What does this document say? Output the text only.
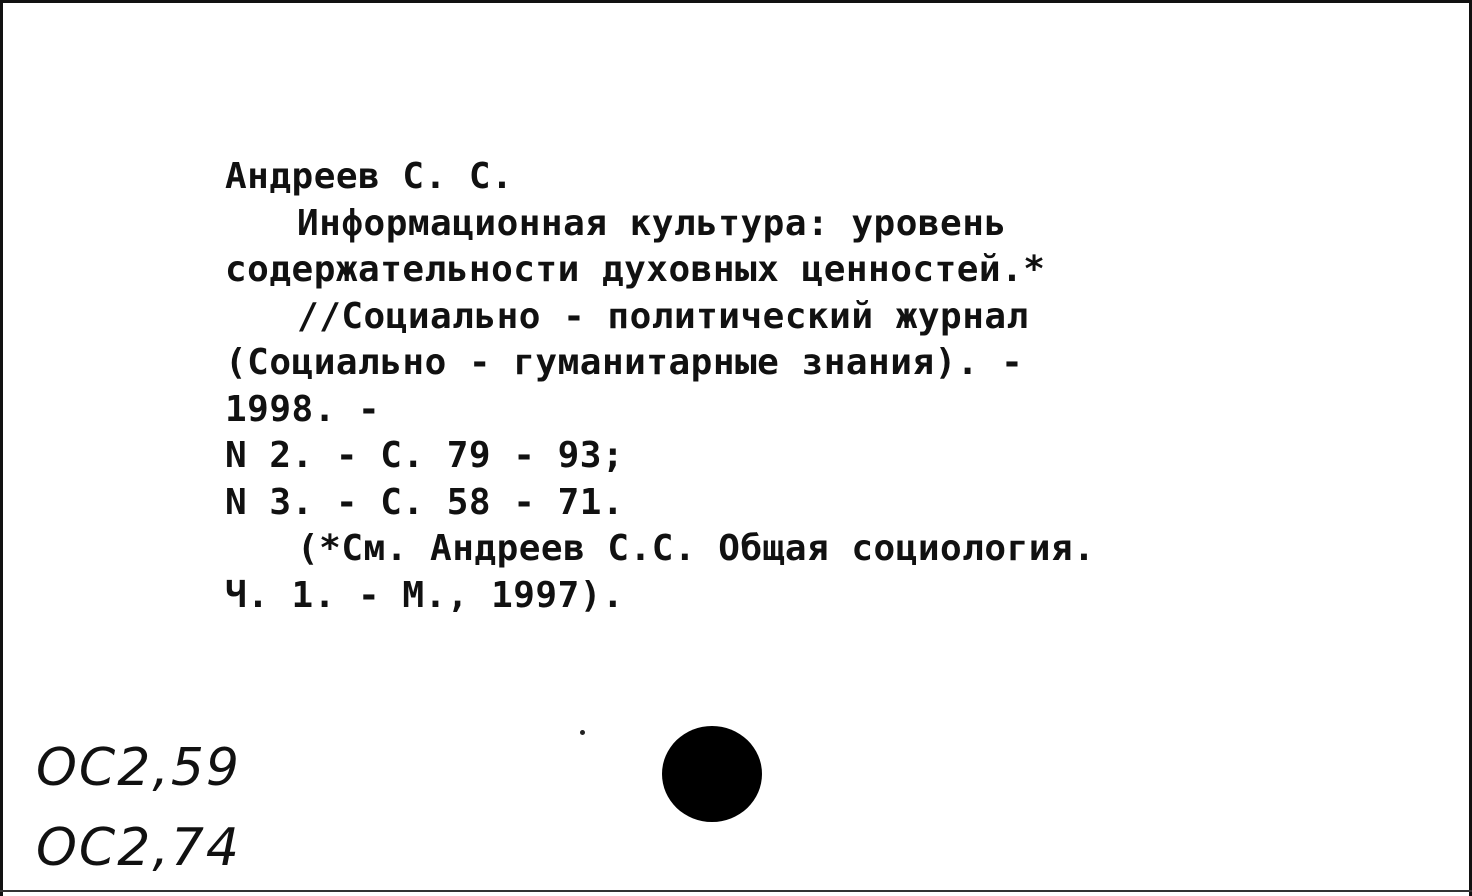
Андреев С. С.
Информационная культура: уровень
содержательности духовных ценностей.*
//Социально - политический журнал
(Социально - гуманитарные знания). -
1998. -
N 2. - С. 79 - 93;
N 3. - С. 58 - 71.
(*См. Андреев С.С. Общая социология.
Ч. 1. - М., 1997).
ОС2,59
ОС2,74
